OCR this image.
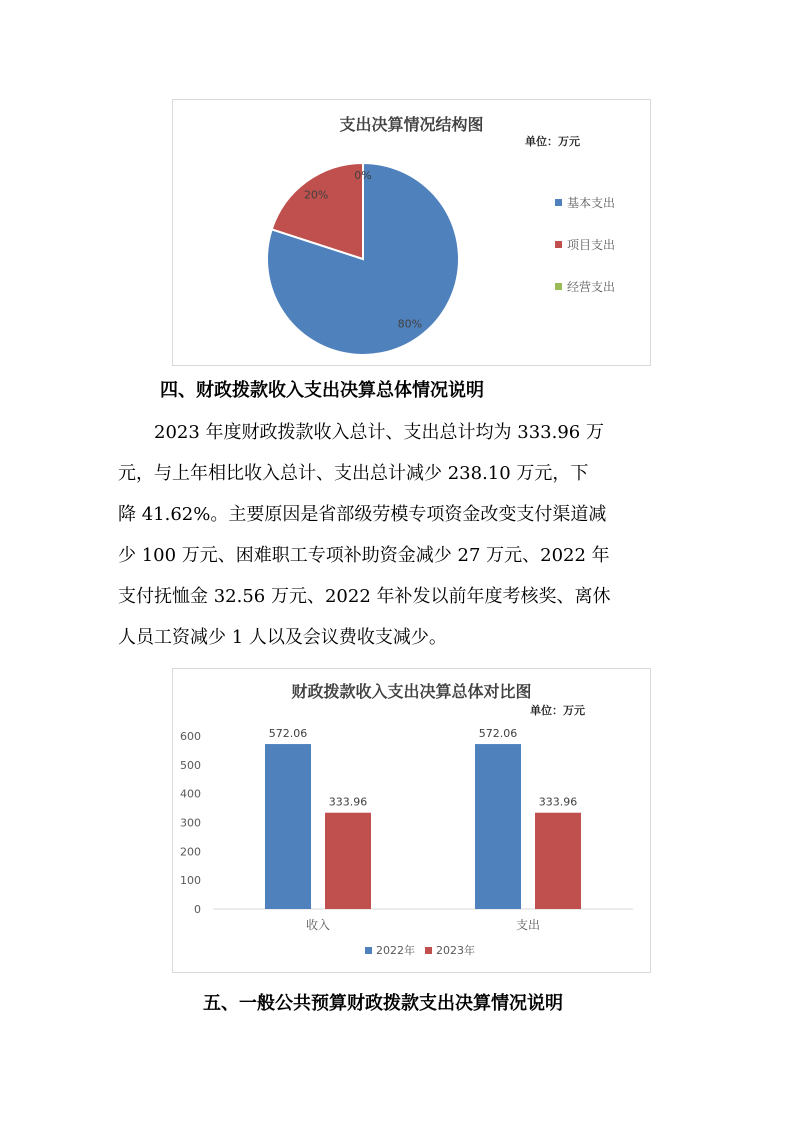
支出决算情况结构图
单位：万元
80%
20%
0%
基本支出
项目支出
经营支出
四、财政拨款收入支出决算总体情况说明
2023 年度财政拨款收入总计、支出总计均为 333.96 万
元，与上年相比收入总计、支出总计减少 238.10 万元，下
降 41.62%。主要原因是省部级劳模专项资金改变支付渠道减
少 100 万元、困难职工专项补助资金减少 27 万元、2022 年
支付抚恤金 32.56 万元、2022 年补发以前年度考核奖、离休
人员工资减少 1 人以及会议费收支减少。
财政拨款收入支出决算总体对比图
单位：万元
0
100
200
300
400
500
600	572.06
333.96
收入
572.06
333.96
支出
2022年 2023年
五、一般公共预算财政拨款支出决算情况说明
